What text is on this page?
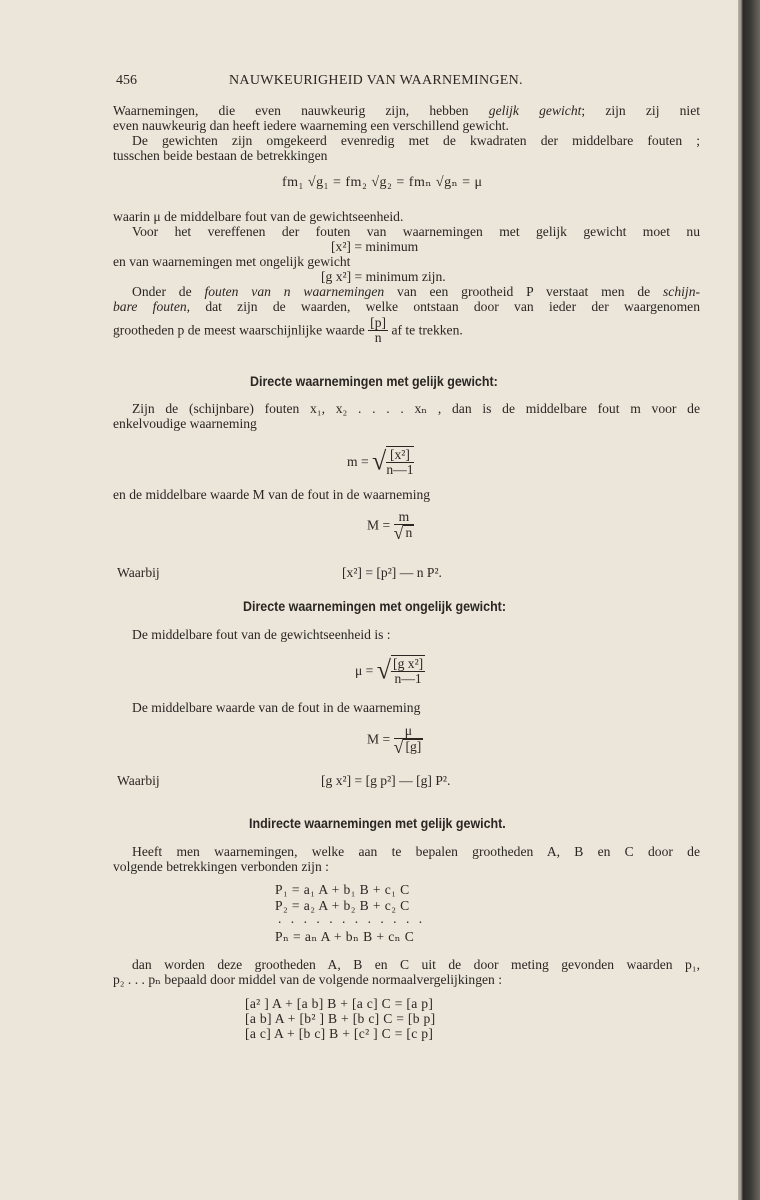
456	NAUWKEURIGHEID VAN WAARNEMINGEN.
Waarnemingen, die even nauwkeurig zijn, hebben gelijk gewicht; zijn zij niet
even nauwkeurig dan heeft iedere waarneming een verschillend gewicht.
De gewichten zijn omgekeerd evenredig met de kwadraten der middelbare fouten ;
tusschen beide bestaan de betrekkingen
fm₁ √g₁ = fm₂ √g₂ = fmₙ √gₙ = μ
waarin μ de middelbare fout van de gewichtseenheid.
Voor het vereffenen der fouten van waarnemingen met gelijk gewicht moet nu
[x²] = minimum
en van waarnemingen met ongelijk gewicht
[g x²] = minimum zijn.
Onder de fouten van n waarnemingen van een grootheid P verstaat men de schijn-
bare fouten, dat zijn de waarden, welke ontstaan door van ieder der waargenomen
grootheden p de meest waarschijnlijke waarde $\frac{[p]}{n}$ af te trekken.
Directe waarnemingen met gelijk gewicht:
Zijn de (schijnbare) fouten x₁, x₂ . . . . xₙ , dan is de middelbare fout m voor de
enkelvoudige waarneming
m = √ $\frac{\text{[x²]}}{n—1}$
en de middelbare waarde M van de fout in de waarneming
$M = \frac{m}{√ n}$
Waarbij	[x²] = [p²] — n P².
Directe waarnemingen met ongelijk gewicht:
De middelbare fout van de gewichtseenheid is :
μ = √ $\frac{\text{[g x²]}}{n—1}$
De middelbare waarde van de fout in de waarneming
$M = \frac{\mu}{√ [g]}$
Waarbij	[g x²] = [g p²] — [g] P².
Indirecte waarnemingen met gelijk gewicht.
Heeft men waarnemingen, welke aan te bepalen grootheden A, B en C door de
volgende betrekkingen verbonden zijn :
P₁ = a₁ A + b₁ B + c₁ C
P₂ = a₂ A + b₂ B + c₂ C
. . . . . . . . . . . .
Pₙ = aₙ A + bₙ B + cₙ C
dan worden deze grootheden A, B en C uit de door meting gevonden waarden p₁,
p₂ . . . pₙ bepaald door middel van de volgende normaalvergelijkingen :
[a² ] A + [a b] B + [a c] C = [a p]
[a b] A + [b² ] B + [b c] C = [b p]
[a c] A + [b c] B + [c² ] C = [c p]
